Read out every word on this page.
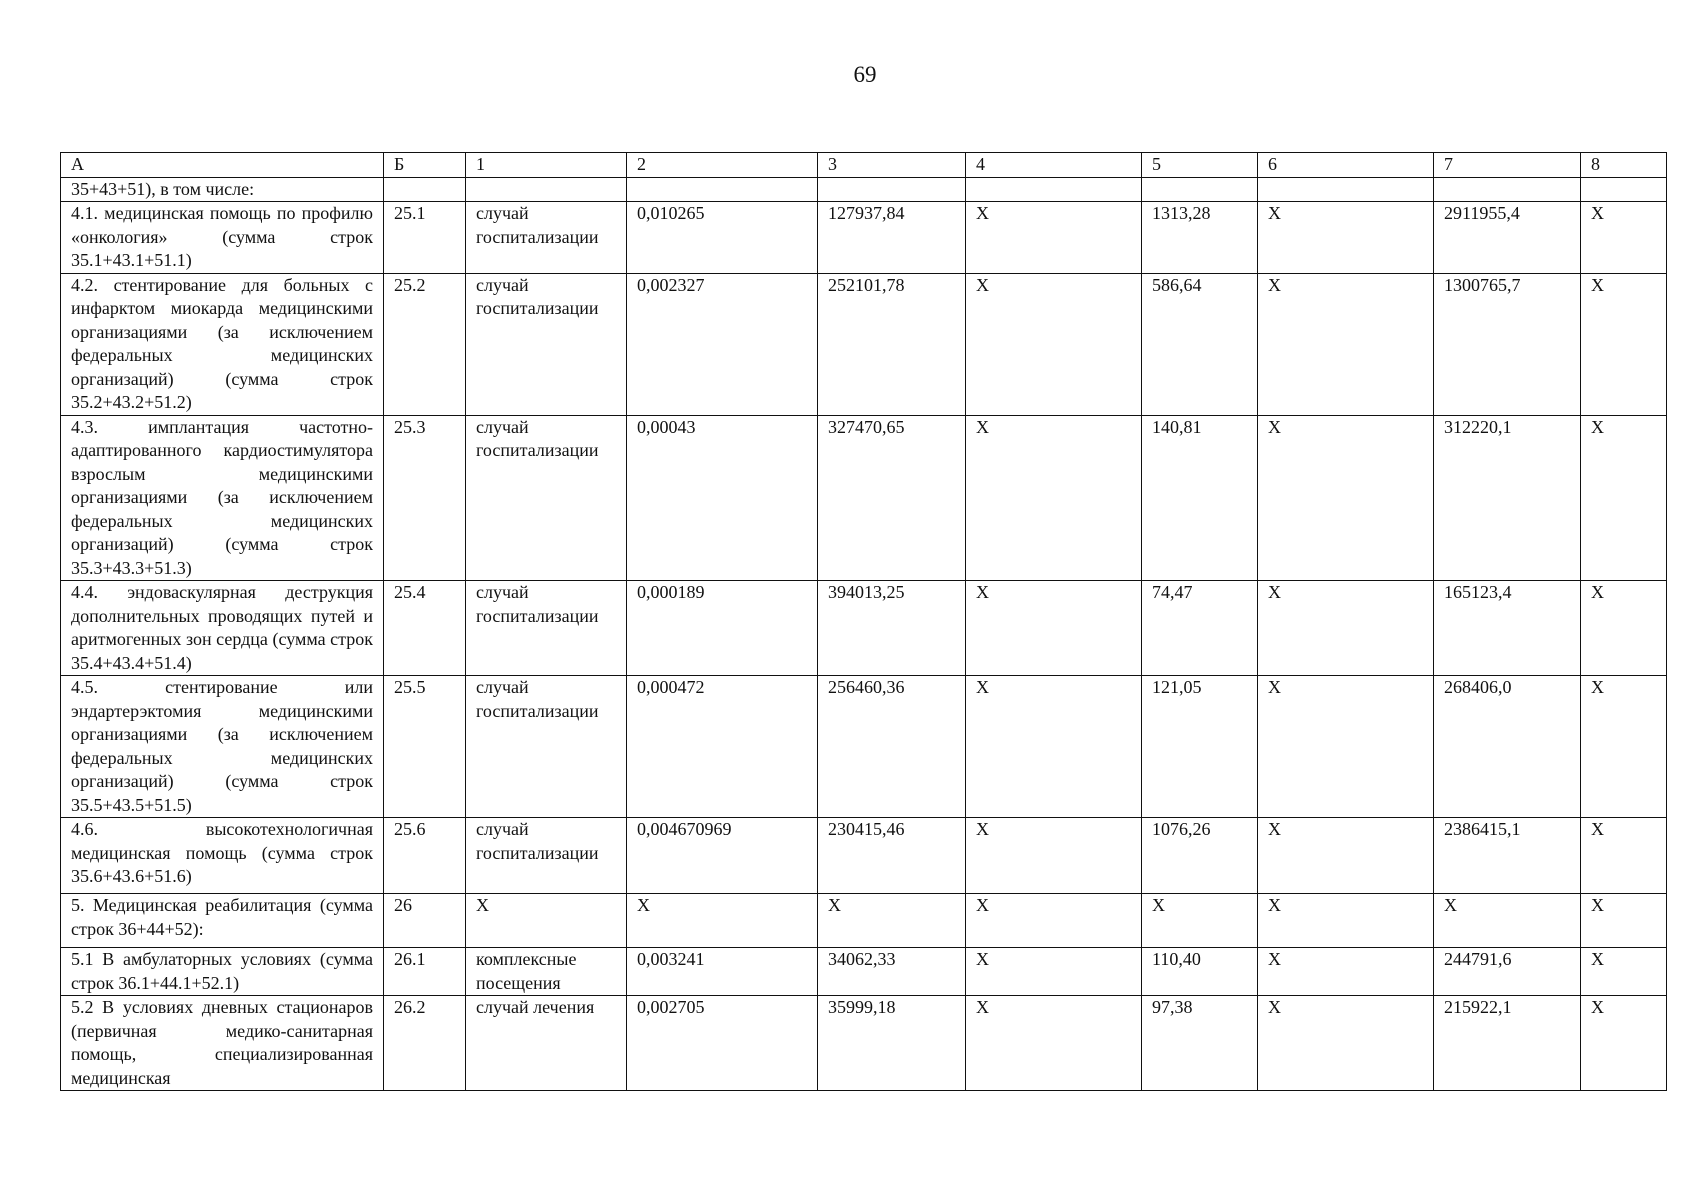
69
А	Б	1	2	3	4	5	6	7	8
35+43+51), в том числе:									
4.1. медицинская помощь по профилю «онкология» (сумма строк 35.1+43.1+51.1)	25.1	случай госпитализации	0,010265	127937,84	X	1313,28	X	2911955,4	X
4.2. стентирование для больных с инфарктом миокарда медицинскими организациями (за исключением федеральных медицинских организаций) (сумма строк 35.2+43.2+51.2)	25.2	случай госпитализации	0,002327	252101,78	X	586,64	X	1300765,7	X
4.3. имплантация частотно-адаптированного кардиостимулятора взрослым медицинскими организациями (за исключением федеральных медицинских организаций) (сумма строк 35.3+43.3+51.3)	25.3	случай госпитализации	0,00043	327470,65	X	140,81	X	312220,1	X
4.4. эндоваскулярная деструкция дополнительных проводящих путей и аритмогенных зон сердца (сумма строк 35.4+43.4+51.4)	25.4	случай госпитализации	0,000189	394013,25	X	74,47	X	165123,4	X
4.5. стентирование или эндартерэктомия медицинскими организациями (за исключением федеральных медицинских организаций) (сумма строк 35.5+43.5+51.5)	25.5	случай госпитализации	0,000472	256460,36	X	121,05	X	268406,0	X
4.6. высокотехнологичная медицинская помощь (сумма строк 35.6+43.6+51.6)	25.6	случай госпитализации	0,004670969	230415,46	X	1076,26	X	2386415,1	X
5. Медицинская реабилитация (сумма строк 36+44+52):	26	X	X	X	X	X	X	X	X
5.1 В амбулаторных условиях (сумма строк 36.1+44.1+52.1)	26.1	комплексные посещения	0,003241	34062,33	X	110,40	X	244791,6	X
5.2 В условиях дневных стационаров (первичная медико-санитарная помощь, специализированная медицинская	26.2	случай лечения	0,002705	35999,18	X	97,38	X	215922,1	X
